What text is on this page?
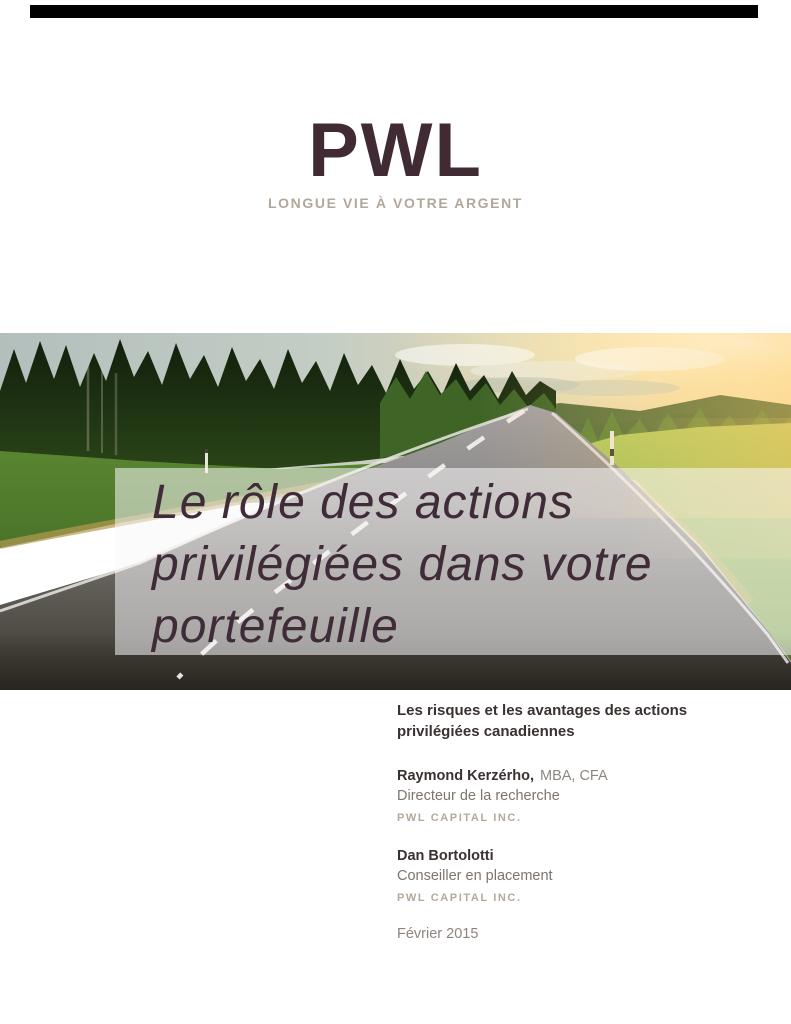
PWL
LONGUE VIE À VOTRE ARGENT
Le rôle des actions
privilégiées dans votre
portefeuille
Les risques et les avantages des actions
privilégiées canadiennes
Raymond Kerzérho, MBA, CFA
Directeur de la recherche
PWL CAPITAL INC.
Dan Bortolotti
Conseiller en placement
PWL CAPITAL INC.
Février 2015
